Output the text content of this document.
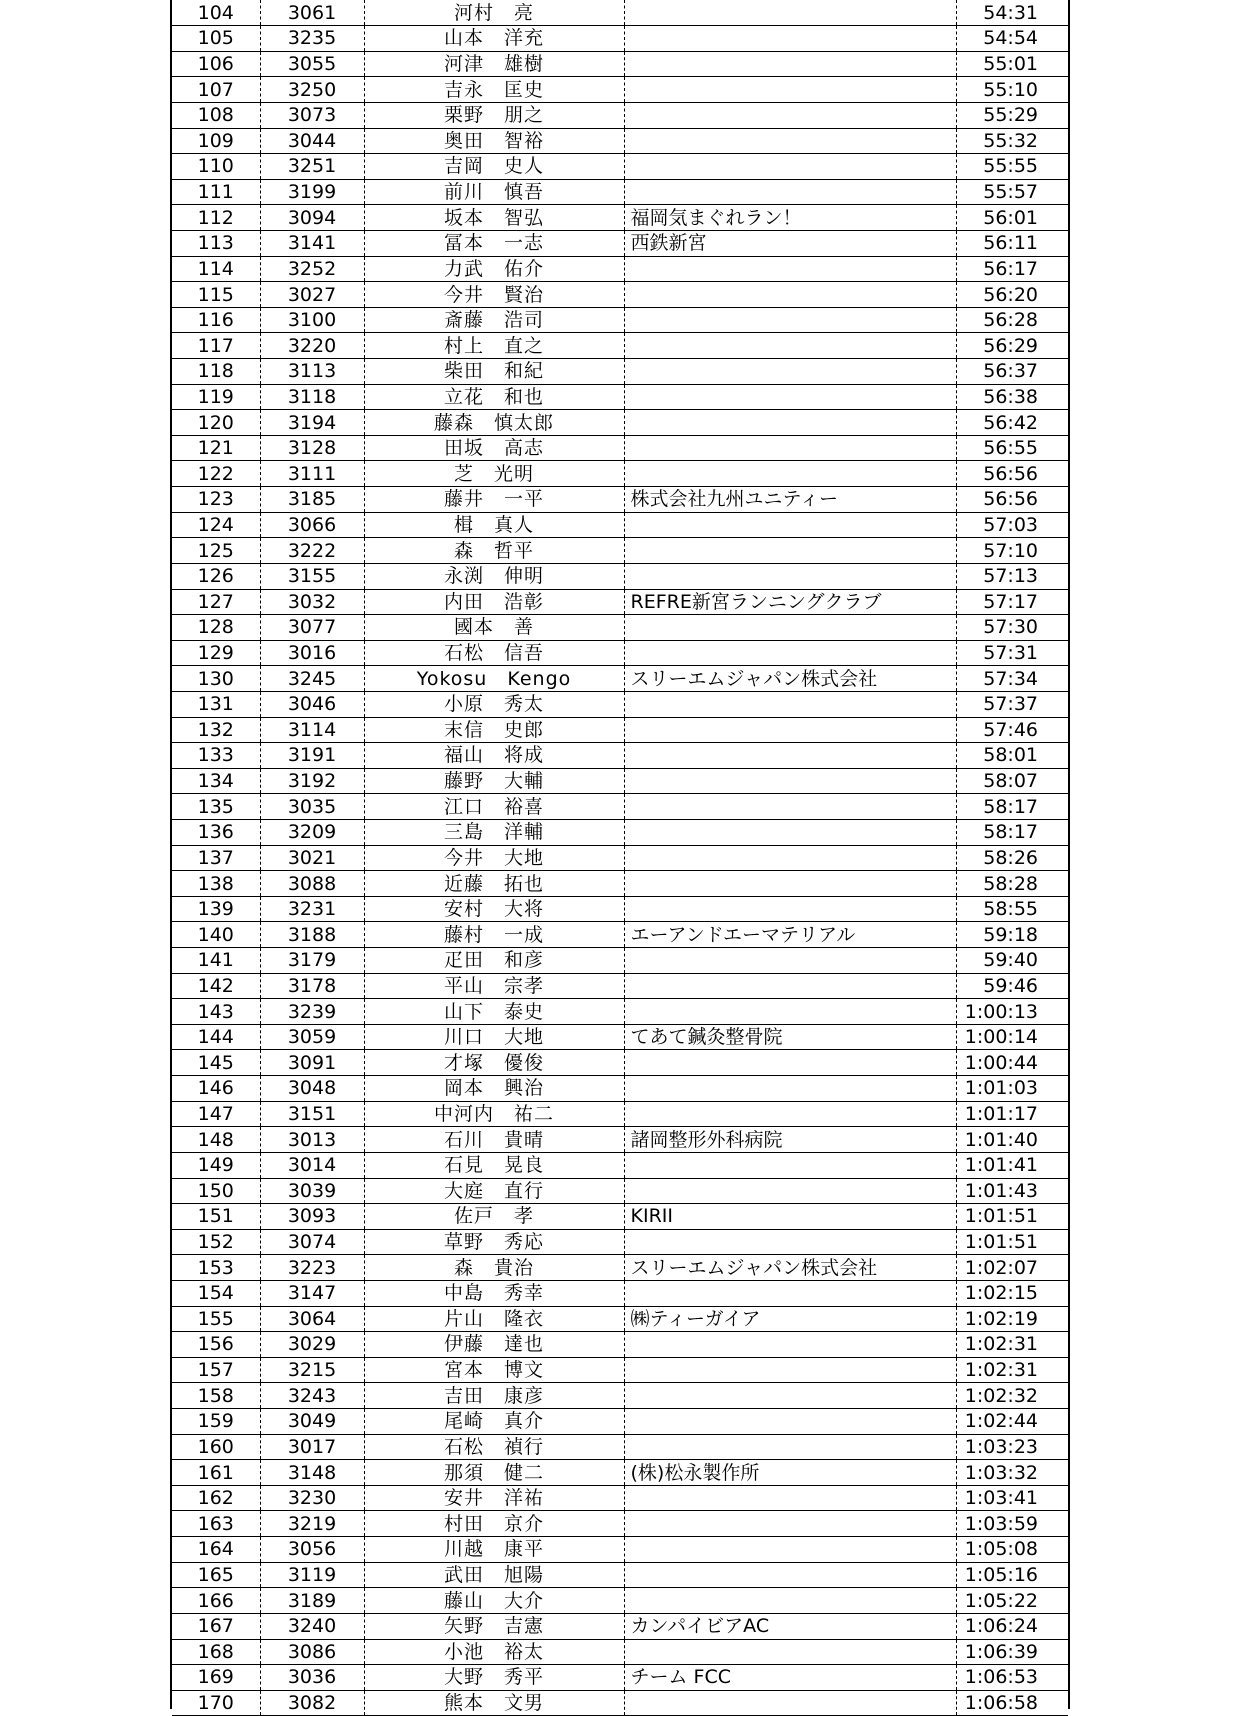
104	3061	河村　亮		54:31
105	3235	山本　洋充		54:54
106	3055	河津　雄樹		55:01
107	3250	吉永　匡史		55:10
108	3073	栗野　朋之		55:29
109	3044	奥田　智裕		55:32
110	3251	吉岡　史人		55:55
111	3199	前川　慎吾		55:57
112	3094	坂本　智弘	福岡気まぐれラン！	56:01
113	3141	冨本　一志	西鉄新宮	56:11
114	3252	力武　佑介		56:17
115	3027	今井　賢治		56:20
116	3100	斎藤　浩司		56:28
117	3220	村上　直之		56:29
118	3113	柴田　和紀		56:37
119	3118	立花　和也		56:38
120	3194	藤森　慎太郎		56:42
121	3128	田坂　高志		56:55
122	3111	芝　光明		56:56
123	3185	藤井　一平	株式会社九州ユニティー	56:56
124	3066	楫　真人		57:03
125	3222	森　哲平		57:10
126	3155	永渕　伸明		57:13
127	3032	内田　浩彰	REFRE新宮ランニングクラブ	57:17
128	3077	國本　善		57:30
129	3016	石松　信吾		57:31
130	3245	Yokosu　Kengo	スリーエムジャパン株式会社	57:34
131	3046	小原　秀太		57:37
132	3114	末信　史郎		57:46
133	3191	福山　将成		58:01
134	3192	藤野　大輔		58:07
135	3035	江口　裕喜		58:17
136	3209	三島　洋輔		58:17
137	3021	今井　大地		58:26
138	3088	近藤　拓也		58:28
139	3231	安村　大将		58:55
140	3188	藤村　一成	エーアンドエーマテリアル	59:18
141	3179	疋田　和彦		59:40
142	3178	平山　宗孝		59:46
143	3239	山下　泰史		1:00:13
144	3059	川口　大地	てあて鍼灸整骨院	1:00:14
145	3091	才塚　優俊		1:00:44
146	3048	岡本　興治		1:01:03
147	3151	中河内　祐二		1:01:17
148	3013	石川　貴晴	諸岡整形外科病院	1:01:40
149	3014	石見　晃良		1:01:41
150	3039	大庭　直行		1:01:43
151	3093	佐戸　孝	KIRII	1:01:51
152	3074	草野　秀応		1:01:51
153	3223	森　貴治	スリーエムジャパン株式会社	1:02:07
154	3147	中島　秀幸		1:02:15
155	3064	片山　隆衣	㈱ティーガイア	1:02:19
156	3029	伊藤　達也		1:02:31
157	3215	宮本　博文		1:02:31
158	3243	吉田　康彦		1:02:32
159	3049	尾崎　真介		1:02:44
160	3017	石松　禎行		1:03:23
161	3148	那須　健二	(株)松永製作所	1:03:32
162	3230	安井　洋祐		1:03:41
163	3219	村田　京介		1:03:59
164	3056	川越　康平		1:05:08
165	3119	武田　旭陽		1:05:16
166	3189	藤山　大介		1:05:22
167	3240	矢野　吉憲	カンパイビアAC	1:06:24
168	3086	小池　裕太		1:06:39
169	3036	大野　秀平	チーム FCC	1:06:53
170	3082	熊本　文男		1:06:58
